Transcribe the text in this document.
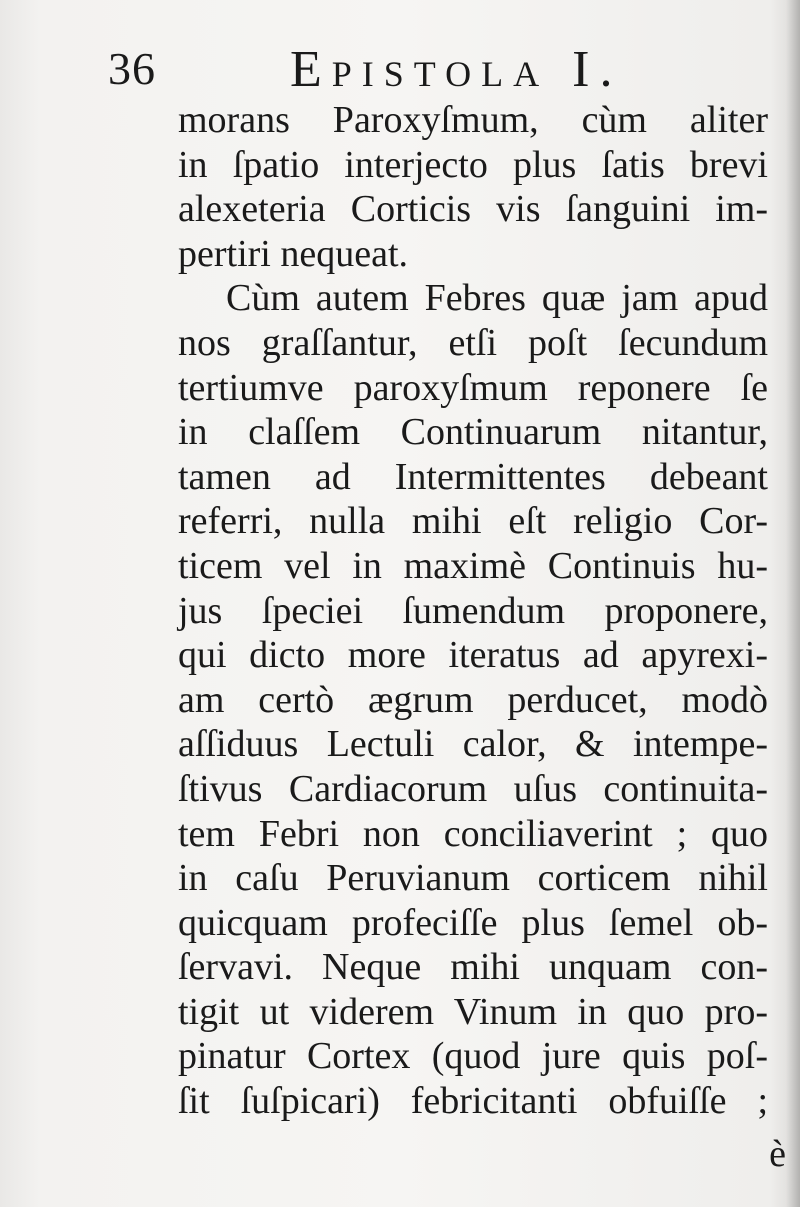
36	Epistola I.
morans Paroxyſmum, cùm aliter
in ſpatio interjecto plus ſatis brevi
alexeteria Corticis vis ſanguini im-
pertiri nequeat.
Cùm autem Febres quæ jam apud
nos graſſantur, etſi poſt ſecundum
tertiumve paroxyſmum reponere ſe
in claſſem Continuarum nitantur,
tamen ad Intermittentes debeant
referri, nulla mihi eſt religio Cor-
ticem vel in maximè Continuis hu-
jus ſpeciei ſumendum proponere,
qui dicto more iteratus ad apyrexi-
am certò ægrum perducet, modò
aſſiduus Lectuli calor, & intempe-
ſtivus Cardiacorum uſus continuita-
tem Febri non conciliaverint ; quo
in caſu Peruvianum corticem nihil
quicquam profeciſſe plus ſemel ob-
ſervavi. Neque mihi unquam con-
tigit ut viderem Vinum in quo pro-
pinatur Cortex (quod jure quis poſ-
ſit ſuſpicari) febricitanti obfuiſſe ;
è
